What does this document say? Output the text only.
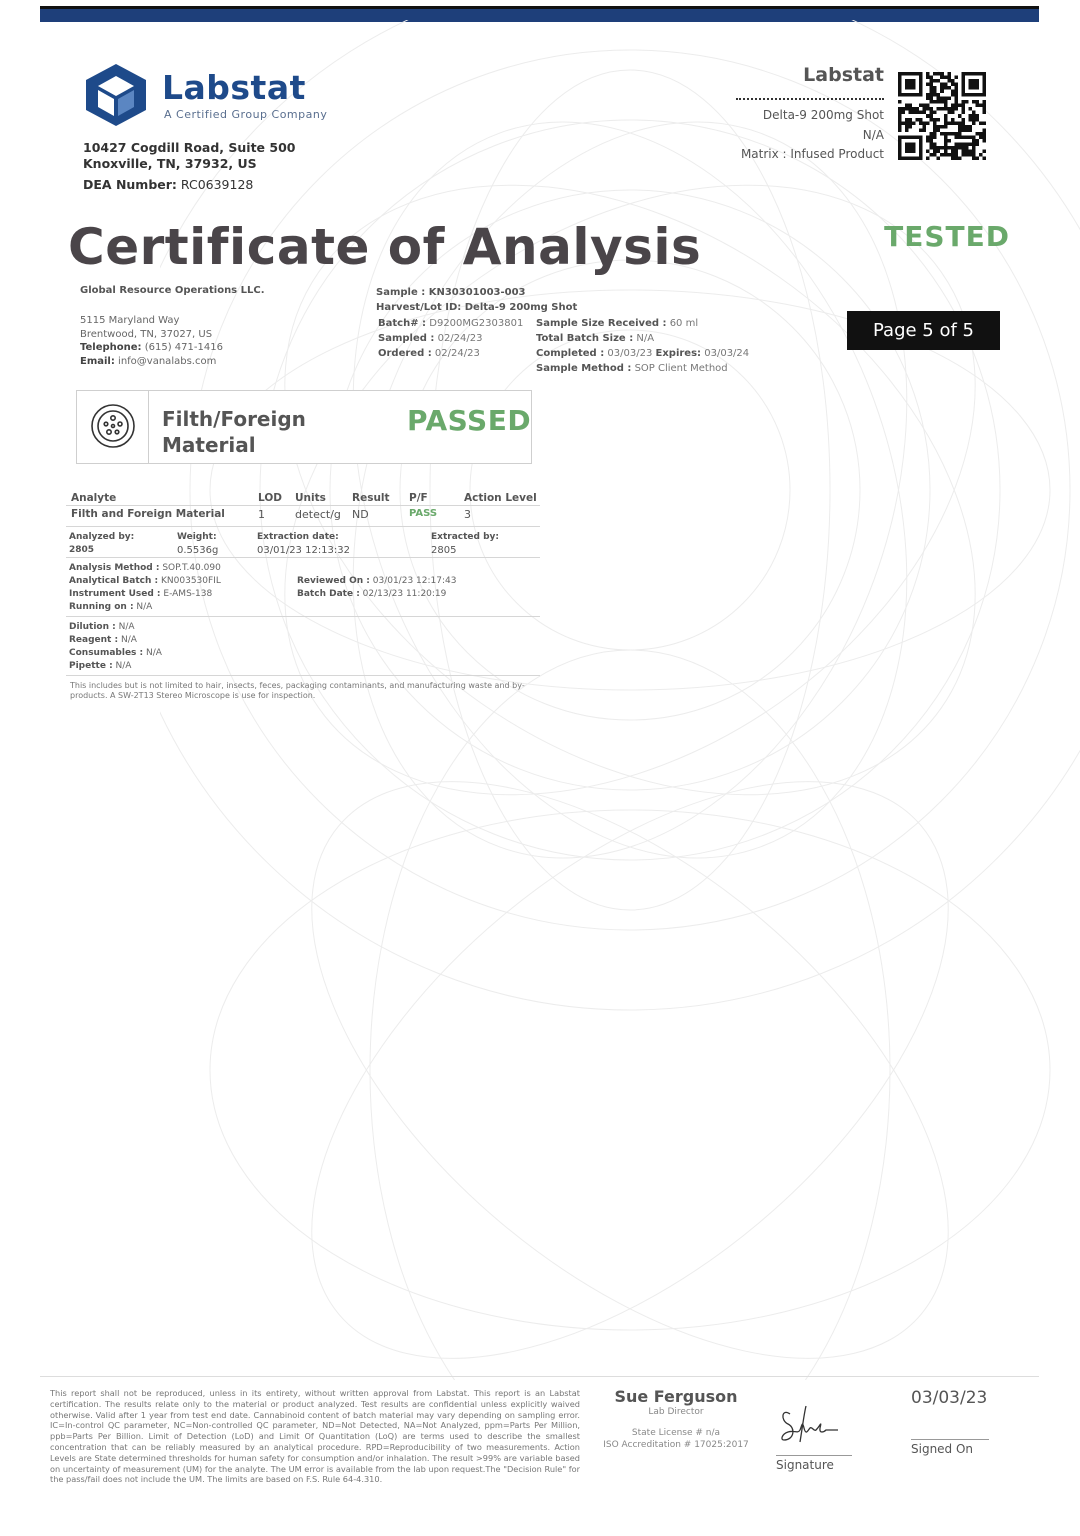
Labstat
A Certified Group Company
10427 Cogdill Road, Suite 500
Knoxville, TN, 37932, US
DEA Number: RC0639128
Labstat
Delta-9 200mg Shot
N/A
Matrix : Infused Product
Certificate of Analysis	TESTED
Global Resource Operations LLC.
5115 Maryland Way
Brentwood, TN, 37027, US
Telephone: (615) 471-1416
Email: info@vanalabs.com
Sample : KN30301003-003
Harvest/Lot ID: Delta-9 200mg Shot
Batch# : D9200MG2303801
Sampled : 02/24/23
Ordered : 02/24/23
Sample Size Received : 60 ml
Total Batch Size : N/A
Completed : 03/03/23 Expires: 03/03/24
Sample Method : SOP Client Method
Page 5 of 5
Filth/Foreign
Material
PASSED
Analyte	LOD Units Result P/F	Action Level
Filth and Foreign Material	1	detect/g ND	PASS 3
Analyzed by:
2805
Weight:
0.5536g
Extraction date:
03/01/23 12:13:32
Extracted by:
2805
Analysis Method : SOP.T.40.090
Analytical Batch : KN003530FIL
Instrument Used : E-AMS-138
Running on : N/A
Reviewed On : 03/01/23 12:17:43
Batch Date : 02/13/23 11:20:19
Dilution : N/A
Reagent : N/A
Consumables : N/A
Pipette : N/A
This includes but is not limited to hair, insects, feces, packaging contaminants, and manufacturing waste and by-products. A SW-2T13 Stereo Microscope is use for inspection.
This report shall not be reproduced, unless in its entirety, without written approval from Labstat. This report is an Labstat certification. The results relate only to the material or product analyzed. Test results are confidential unless explicitly waived otherwise. Valid after 1 year from test end date. Cannabinoid content of batch material may vary depending on sampling error. IC=In-control QC parameter, NC=Non-controlled QC parameter, ND=Not Detected, NA=Not Analyzed, ppm=Parts Per Million, ppb=Parts Per Billion. Limit of Detection (LoD) and Limit Of Quantitation (LoQ) are terms used to describe the smallest concentration that can be reliably measured by an analytical procedure. RPD=Reproducibility of two measurements. Action Levels are State determined thresholds for human safety for consumption and/or inhalation. The result >99% are variable based on uncertainty of measurement (UM) for the analyte. The UM error is available from the lab upon request.The "Decision Rule" for the pass/fail does not include the UM. The limits are based on F.S. Rule 64-4.310.
Sue Ferguson
Lab Director
State License # n/a
ISO Accreditation # 17025:2017
Signature
03/03/23
Signed On
